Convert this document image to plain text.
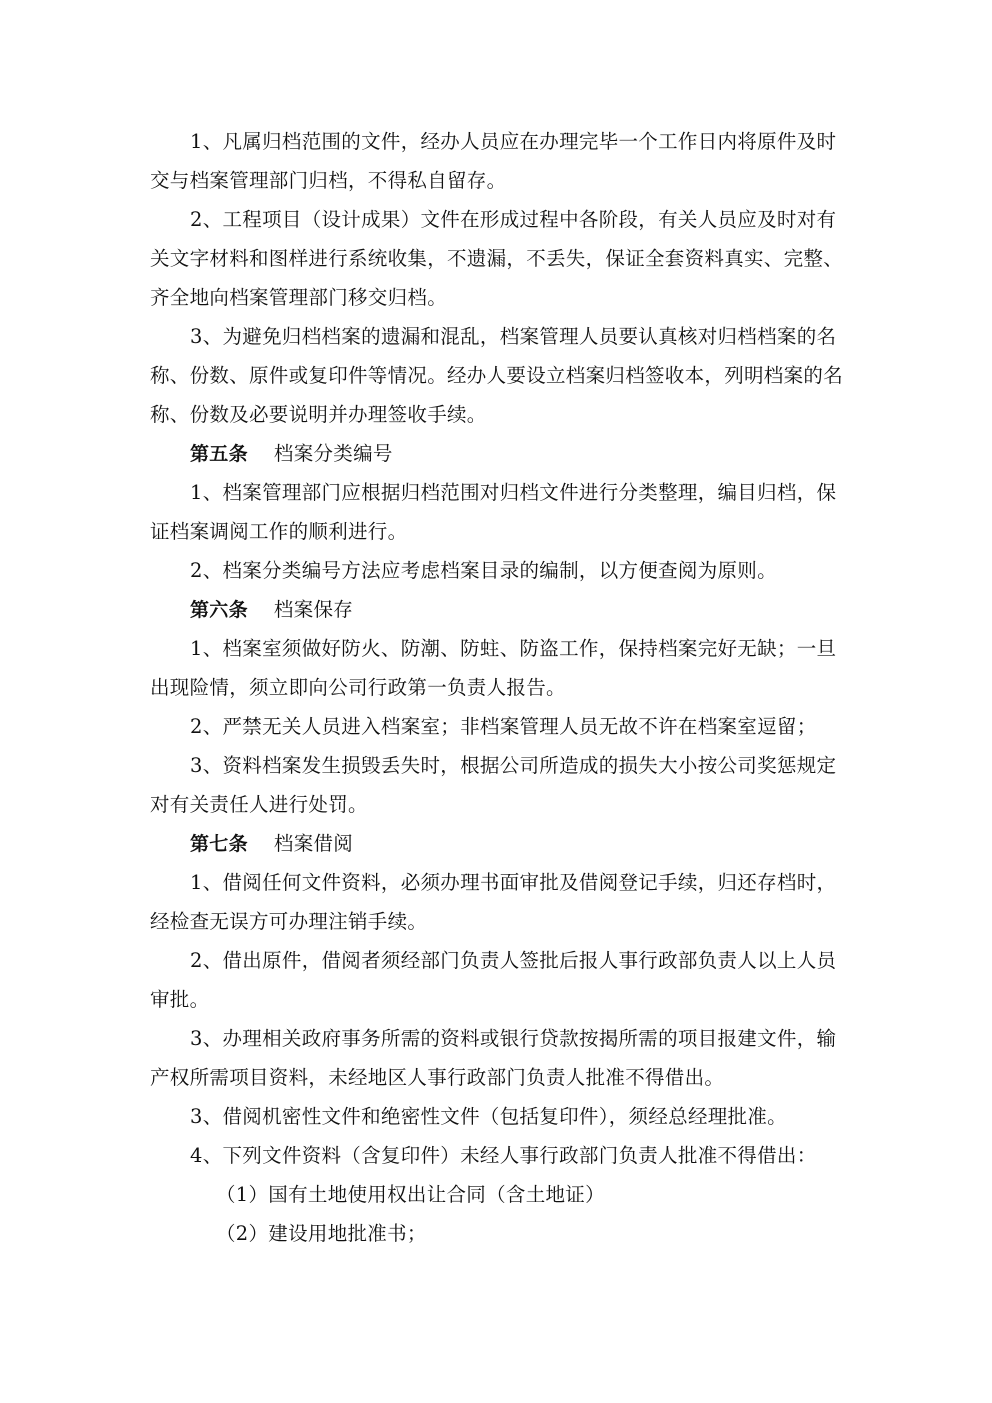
1、凡属归档范围的文件，经办人员应在办理完毕一个工作日内将原件及时
交与档案管理部门归档，不得私自留存。
2、工程项目（设计成果）文件在形成过程中各阶段，有关人员应及时对有
关文字材料和图样进行系统收集，不遗漏，不丢失，保证全套资料真实、完整、
齐全地向档案管理部门移交归档。
3、为避免归档档案的遗漏和混乱，档案管理人员要认真核对归档档案的名
称、份数、原件或复印件等情况。经办人要设立档案归档签收本，列明档案的名
称、份数及必要说明并办理签收手续。
第五条 档案分类编号
1、档案管理部门应根据归档范围对归档文件进行分类整理，编目归档，保
证档案调阅工作的顺利进行。
2、档案分类编号方法应考虑档案目录的编制，以方便查阅为原则。
第六条 档案保存
1、档案室须做好防火、防潮、防蛀、防盗工作，保持档案完好无缺；一旦
出现险情，须立即向公司行政第一负责人报告。
2、严禁无关人员进入档案室；非档案管理人员无故不许在档案室逗留；
3、资料档案发生损毁丢失时，根据公司所造成的损失大小按公司奖惩规定
对有关责任人进行处罚。
第七条 档案借阅
1、借阅任何文件资料，必须办理书面审批及借阅登记手续，归还存档时，
经检查无误方可办理注销手续。
2、借出原件，借阅者须经部门负责人签批后报人事行政部负责人以上人员
审批。
3、办理相关政府事务所需的资料或银行贷款按揭所需的项目报建文件，输
产权所需项目资料，未经地区人事行政部门负责人批准不得借出。
3、借阅机密性文件和绝密性文件（包括复印件），须经总经理批准。
4、下列文件资料（含复印件）未经人事行政部门负责人批准不得借出：
（1）国有土地使用权出让合同（含土地证）
（2）建设用地批准书；
